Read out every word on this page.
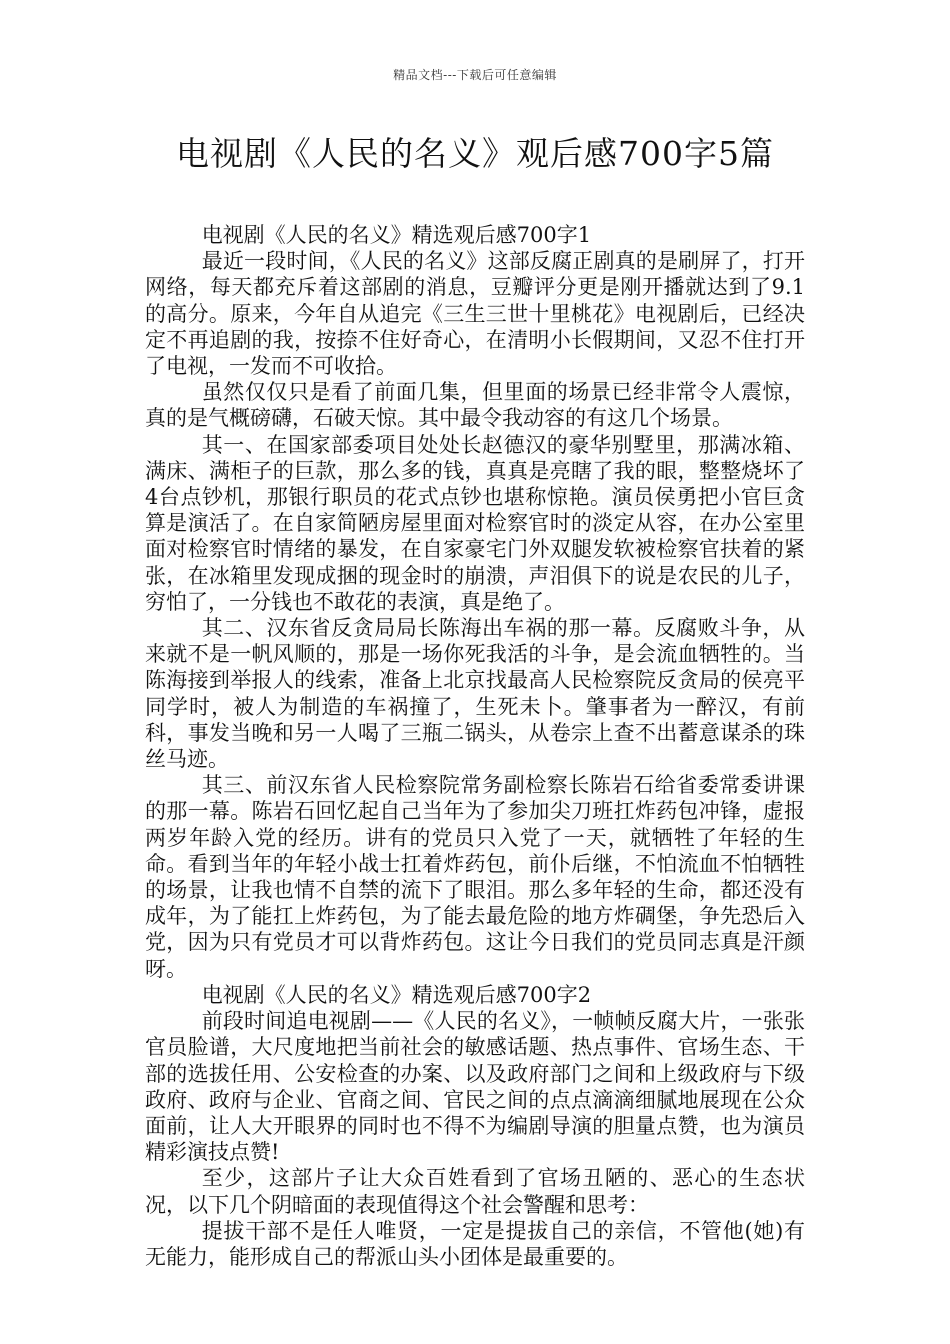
精品文档---下载后可任意编辑
电视剧《人民的名义》观后感700字5篇

电视剧《人民的名义》精选观后感700字1

最近一段时间，《人民的名义》这部反腐正剧真的是刷屏了，打开网络，每天都充斥着这部剧的消息，豆瓣评分更是刚开播就达到了9.1的高分。原来，今年自从追完《三生三世十里桃花》电视剧后，已经决定不再追剧的我，按捺不住好奇心，在清明小长假期间，又忍不住打开了电视，一发而不可收拾。

虽然仅仅只是看了前面几集，但里面的场景已经非常令人震惊，真的是气概磅礴，石破天惊。其中最令我动容的有这几个场景。

其一、在国家部委项目处处长赵德汉的豪华别墅里，那满冰箱、满床、满柜子的巨款，那么多的钱，真真是亮瞎了我的眼，整整烧坏了4台点钞机，那银行职员的花式点钞也堪称惊艳。演员侯勇把小官巨贪算是演活了。在自家简陋房屋里面对检察官时的淡定从容，在办公室里面对检察官时情绪的暴发，在自家豪宅门外双腿发软被检察官扶着的紧张，在冰箱里发现成捆的现金时的崩溃，声泪俱下的说是农民的儿子，穷怕了，一分钱也不敢花的表演，真是绝了。

其二、汉东省反贪局局长陈海出车祸的那一幕。反腐败斗争，从来就不是一帆风顺的，那是一场你死我活的斗争，是会流血牺牲的。当陈海接到举报人的线索，准备上北京找最高人民检察院反贪局的侯亮平同学时，被人为制造的车祸撞了，生死未卜。肇事者为一醉汉，有前科，事发当晚和另一人喝了三瓶二锅头，从卷宗上查不出蓄意谋杀的珠丝马迹。

其三、前汉东省人民检察院常务副检察长陈岩石给省委常委讲课的那一幕。陈岩石回忆起自己当年为了参加尖刀班扛炸药包冲锋，虚报两岁年龄入党的经历。讲有的党员只入党了一天，就牺牲了年轻的生命。看到当年的年轻小战士扛着炸药包，前仆后继，不怕流血不怕牺牲的场景，让我也情不自禁的流下了眼泪。那么多年轻的生命，都还没有成年，为了能扛上炸药包，为了能去最危险的地方炸碉堡，争先恐后入党，因为只有党员才可以背炸药包。这让今日我们的党员同志真是汗颜呀。

电视剧《人民的名义》精选观后感700字2

前段时间追电视剧——《人民的名义》，一帧帧反腐大片，一张张官员脸谱，大尺度地把当前社会的敏感话题、热点事件、官场生态、干部的选拔任用、公安检查的办案、以及政府部门之间和上级政府与下级政府、政府与企业、官商之间、官民之间的点点滴滴细腻地展现在公众面前，让人大开眼界的同时也不得不为编剧导演的胆量点赞，也为演员精彩演技点赞!

至少，这部片子让大众百姓看到了官场丑陋的、恶心的生态状况，以下几个阴暗面的表现值得这个社会警醒和思考：

提拔干部不是任人唯贤，一定是提拔自己的亲信，不管他(她)有无能力，能形成自己的帮派山头小团体是最重要的。
